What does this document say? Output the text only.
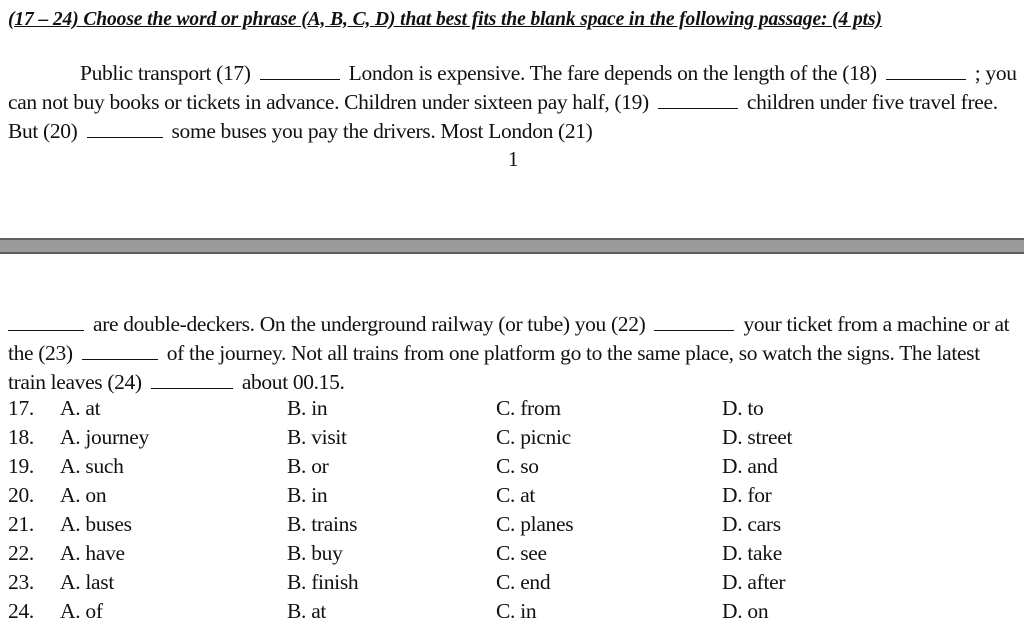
(17 – 24) Choose the word or phrase (A, B, C, D) that best fits the blank space in the following passage: (4 pts)
Public transport (17)	London is expensive. The fare depends on the length of the (18)	; you can not buy books or tickets in advance. Children under sixteen pay half, (19)	children under five travel free. But (20)	some buses you pay the drivers. Most London (21)
1
are double-deckers. On the underground railway (or tube) you (22)	your ticket from a machine or at the (23)	of the journey. Not all trains from one platform go to the same place, so watch the signs. The latest train leaves (24)	about 00.15.
17. A. at	B. in	C. from	D. to
18. A. journey	B. visit	C. picnic	D. street
19. A. such	B. or	C. so	D. and
20. A. on	B. in	C. at	D. for
21. A. buses	B. trains	C. planes	D. cars
22. A. have	B. buy	C. see	D. take
23. A. last	B. finish	C. end	D. after
24. A. of	B. at	C. in	D. on
